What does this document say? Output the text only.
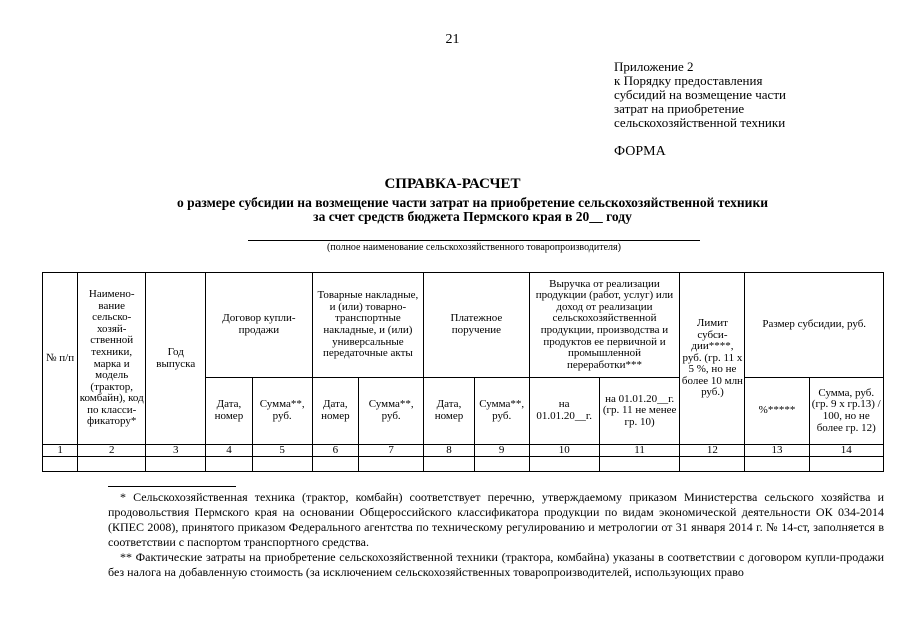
21
Приложение 2
к Порядку предоставления
субсидий на возмещение части
затрат на приобретение
сельскохозяйственной техники
ФОРМА
СПРАВКА-РАСЧЕТ
о размере субсидии на возмещение части затрат на приобретение сельскохозяйственной техники
за счет средств бюджета Пермского края в 20__ году
(полное наименование сельскохозяйственного товаропроизводителя)
№ п/п	Наимено- вание сельско- хозяй- ственной техники, марка и модель (трактор, комбайн), код по класси- фикатору*	Год выпуска	Договор купли- продажи		Товарные накладные, и (или) товарно- транспортные накладные, и (или) универсальные передаточные акты		Платежное поручение		Выручка от реализации продукции (работ, услуг) или доход от реализации сельскохозяйственной продукции, производства и продуктов ее первичной и промышленной переработки***		Лимит субси- дии****, руб. (гр. 11 х 5 %, но не более 10 млн руб.)	Размер субсидии, руб.	
			Дата, номер	Сумма**, руб.	Дата, номер	Сумма**, руб.	Дата, номер	Сумма**, руб.	на 01.01.20__г.	на 01.01.20__г. (гр. 11 не менее гр. 10)		%*****	Сумма, руб. (гр. 9 х гр.13) / 100, но не более гр. 12)
1	2	3	4	5	6	7	8	9	10	11	12	13	14

* Сельскохозяйственная техника (трактор, комбайн) соответствует перечню, утверждаемому приказом Министерства сельского хозяйства и продовольствия Пермского края на основании Общероссийского классификатора продукции по видам экономической деятельности ОК 034-2014 (КПЕС 2008), принятого приказом Федерального агентства по техническому регулированию и метрологии от 31 января 2014 г. № 14-ст, заполняется в соответствии с паспортом транспортного средства.
** Фактические затраты на приобретение сельскохозяйственной техники (трактора, комбайна) указаны в соответствии с договором купли-продажи без налога на добавленную стоимость (за исключением сельскохозяйственных товаропроизводителей, использующих право
